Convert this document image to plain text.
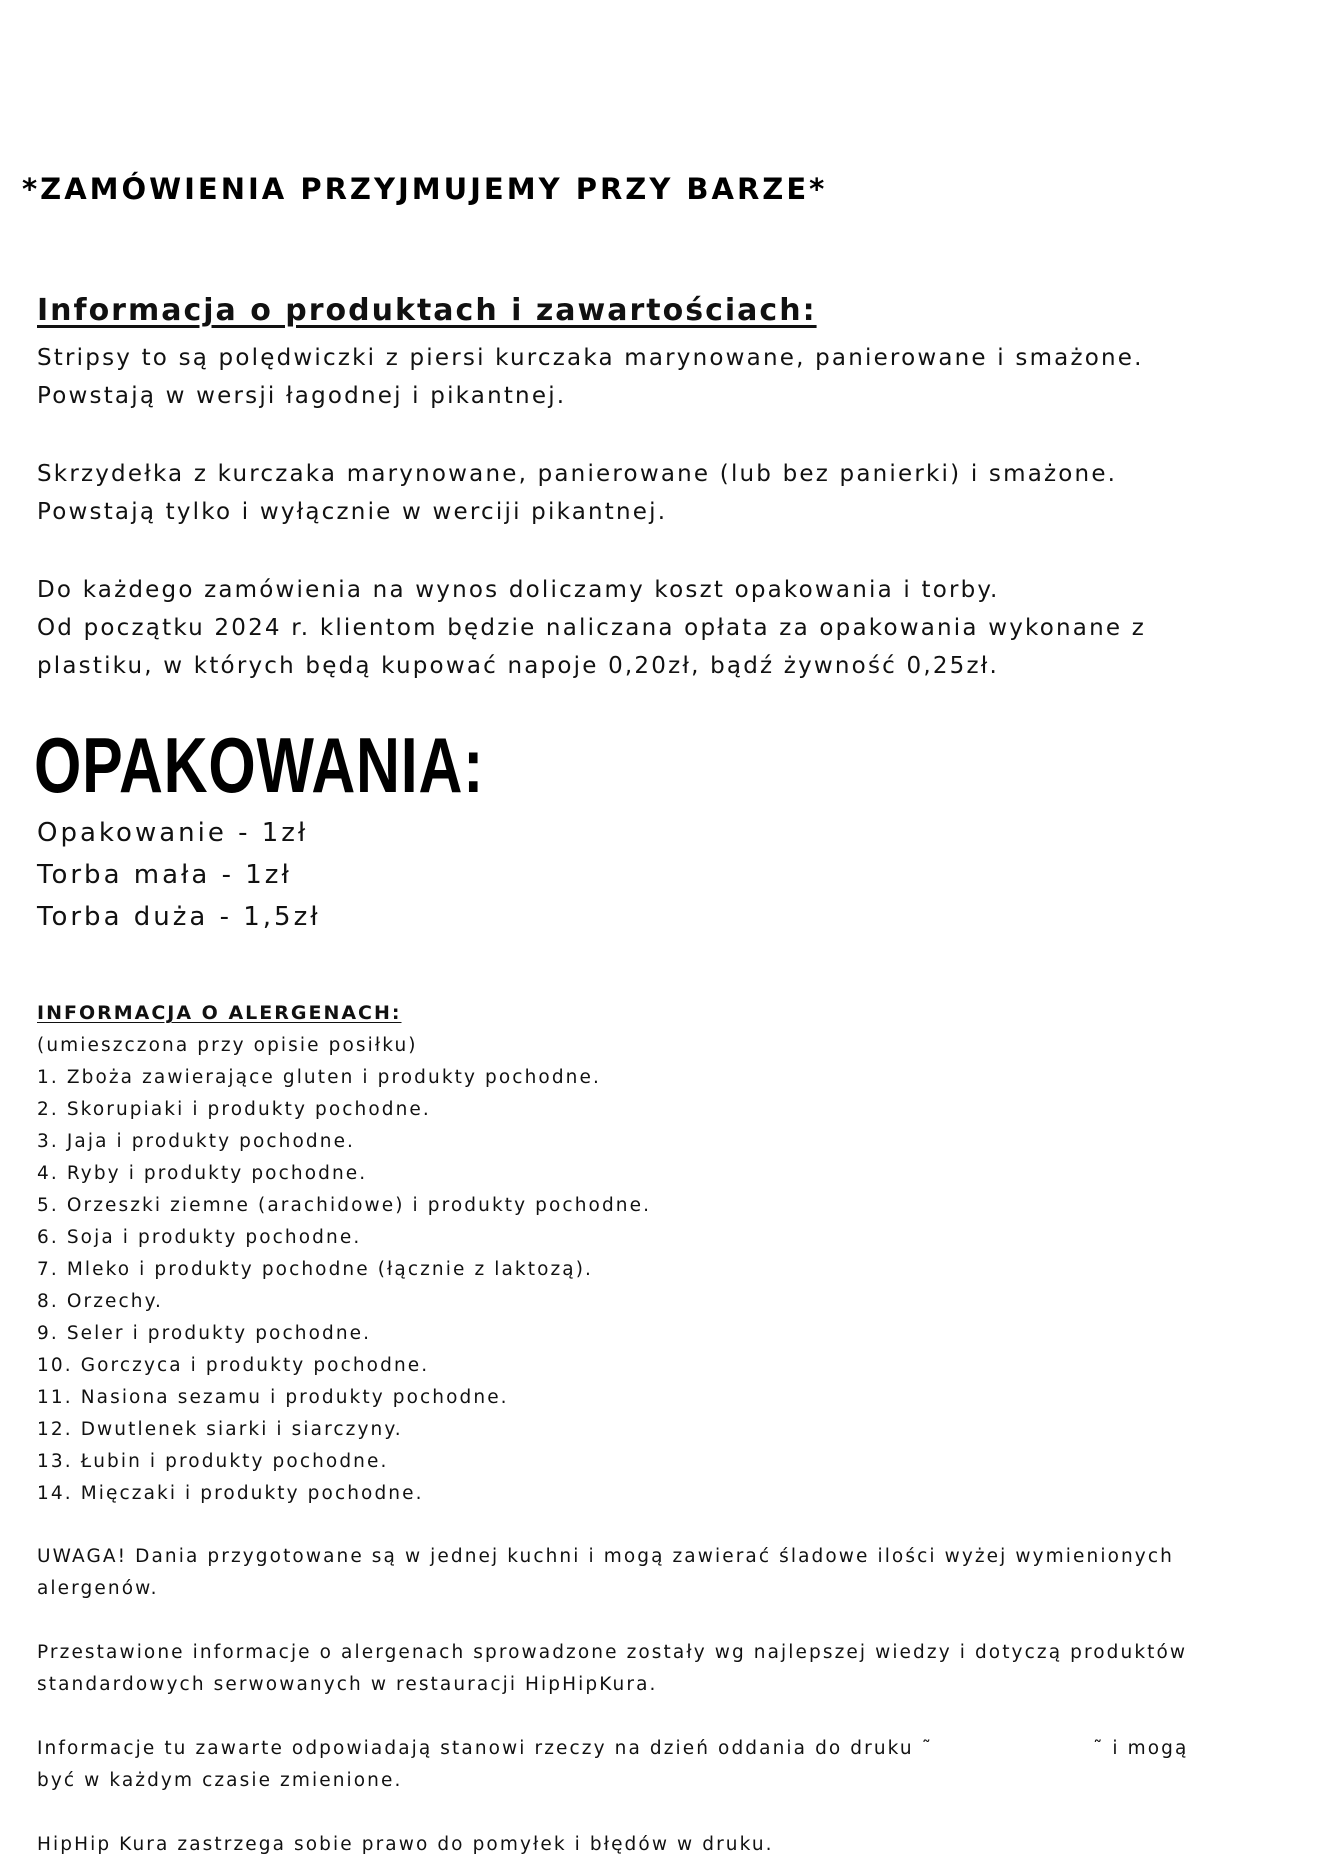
*ZAMÓWIENIA PRZYJMUJEMY PRZY BARZE*
Informacja o produktach i zawartościach:
Stripsy to są polędwiczki z piersi kurczaka marynowane, panierowane i smażone.
Powstają w wersji łagodnej i pikantnej.
Skrzydełka z kurczaka marynowane, panierowane (lub bez panierki) i smażone.
Powstają tylko i wyłącznie w werciji pikantnej.
Do każdego zamówienia na wynos doliczamy koszt opakowania i torby.
Od początku 2024 r. klientom będzie naliczana opłata za opakowania wykonane z
plastiku, w których będą kupować napoje 0,20zł, bądź żywność 0,25zł.
OPAKOWANIA:
Opakowanie - 1zł
Torba mała - 1zł
Torba duża - 1,5zł
INFORMACJA O ALERGENACH:
(umieszczona przy opisie posiłku)
1. Zboża zawierające gluten i produkty pochodne.
2. Skorupiaki i produkty pochodne.
3. Jaja i produkty pochodne.
4. Ryby i produkty pochodne.
5. Orzeszki ziemne (arachidowe) i produkty pochodne.
6. Soja i produkty pochodne.
7. Mleko i produkty pochodne (łącznie z laktozą).
8. Orzechy.
9. Seler i produkty pochodne.
10. Gorczyca i produkty pochodne.
11. Nasiona sezamu i produkty pochodne.
12. Dwutlenek siarki i siarczyny.
13. Łubin i produkty pochodne.
14. Mięczaki i produkty pochodne.
UWAGA! Dania przygotowane są w jednej kuchni i mogą zawierać śladowe ilości wyżej wymienionych
alergenów.
Przestawione informacje o alergenach sprowadzone zostały wg najlepszej wiedzy i dotyczą produktów
standardowych serwowanych w restauracji HipHipKura.
Informacje tu zawarte odpowiadają stanowi rzeczy na dzień oddania do druku ˜	˜ i mogą
być w każdym czasie zmienione.
HipHip Kura zastrzega sobie prawo do pomyłek i błędów w druku.
